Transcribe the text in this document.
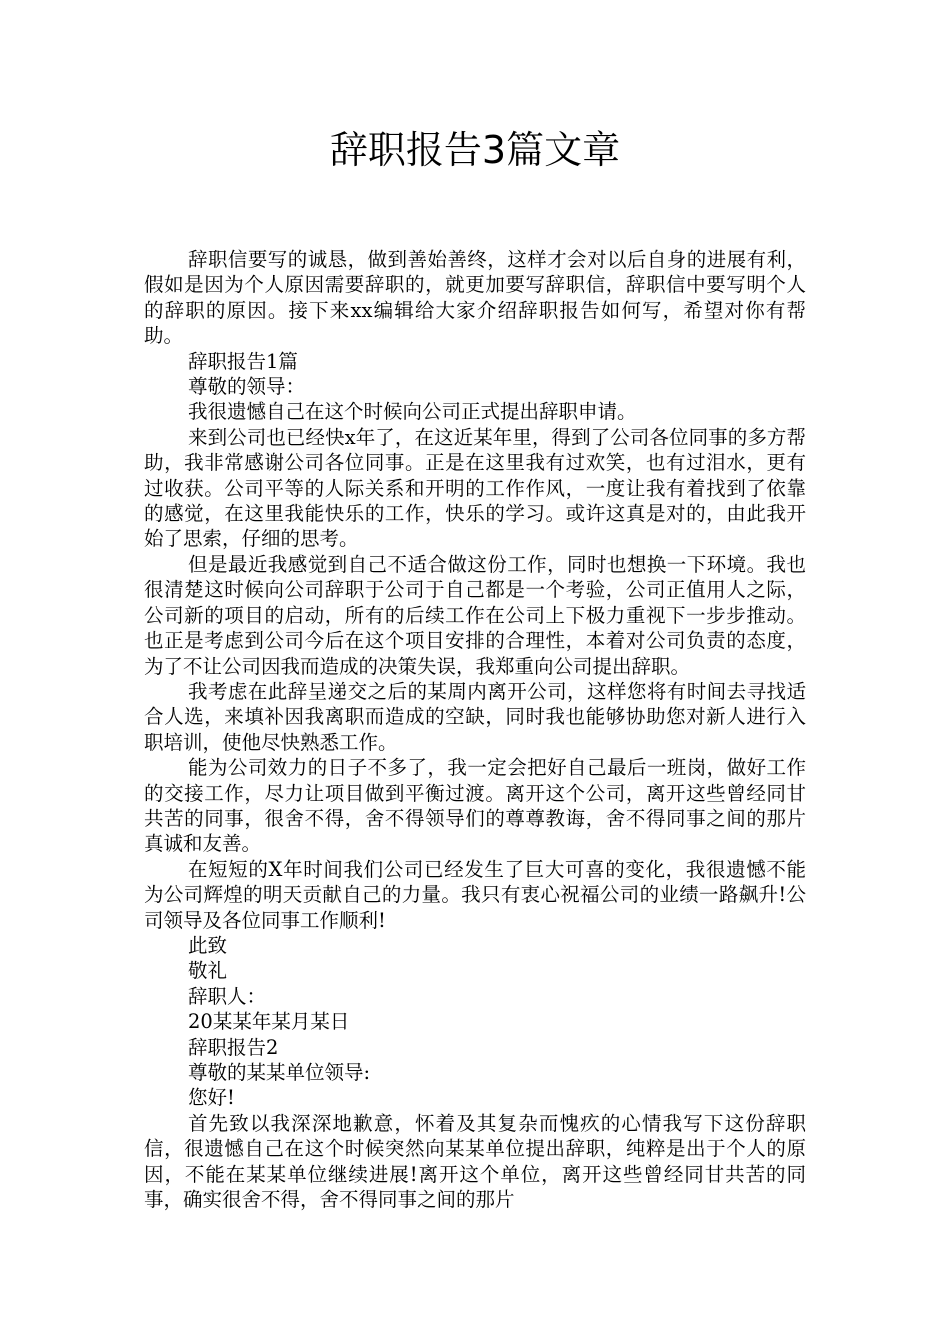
辞职报告3篇文章

辞职信要写的诚恳，做到善始善终，这样才会对以后自身的进展有利，假如是因为个人原因需要辞职的，就更加要写辞职信，辞职信中要写明个人的辞职的原因。接下来xx编辑给大家介绍辞职报告如何写，希望对你有帮助。

辞职报告1篇

尊敬的领导：

我很遗憾自己在这个时候向公司正式提出辞职申请。

来到公司也已经快x年了，在这近某年里，得到了公司各位同事的多方帮助，我非常感谢公司各位同事。正是在这里我有过欢笑，也有过泪水，更有过收获。公司平等的人际关系和开明的工作作风，一度让我有着找到了依靠的感觉，在这里我能快乐的工作，快乐的学习。或许这真是对的，由此我开始了思索，仔细的思考。

但是最近我感觉到自己不适合做这份工作，同时也想换一下环境。我也很清楚这时候向公司辞职于公司于自己都是一个考验，公司正值用人之际，公司新的项目的启动，所有的后续工作在公司上下极力重视下一步步推动。也正是考虑到公司今后在这个项目安排的合理性，本着对公司负责的态度，为了不让公司因我而造成的决策失误，我郑重向公司提出辞职。

我考虑在此辞呈递交之后的某周内离开公司，这样您将有时间去寻找适合人选，来填补因我离职而造成的空缺，同时我也能够协助您对新人进行入职培训，使他尽快熟悉工作。

能为公司效力的日子不多了，我一定会把好自己最后一班岗，做好工作的交接工作，尽力让项目做到平衡过渡。离开这个公司，离开这些曾经同甘共苦的同事，很舍不得，舍不得领导们的尊尊教诲，舍不得同事之间的那片真诚和友善。

在短短的X年时间我们公司已经发生了巨大可喜的变化，我很遗憾不能为公司辉煌的明天贡献自己的力量。我只有衷心祝福公司的业绩一路飙升!公司领导及各位同事工作顺利!

此致

敬礼

辞职人：

20某某年某月某日

辞职报告2

尊敬的某某单位领导:

您好!

首先致以我深深地歉意，怀着及其复杂而愧疚的心情我写下这份辞职信，很遗憾自己在这个时候突然向某某单位提出辞职，纯粹是出于个人的原因，不能在某某单位继续进展!离开这个单位，离开这些曾经同甘共苦的同事，确实很舍不得，舍不得同事之间的那片
